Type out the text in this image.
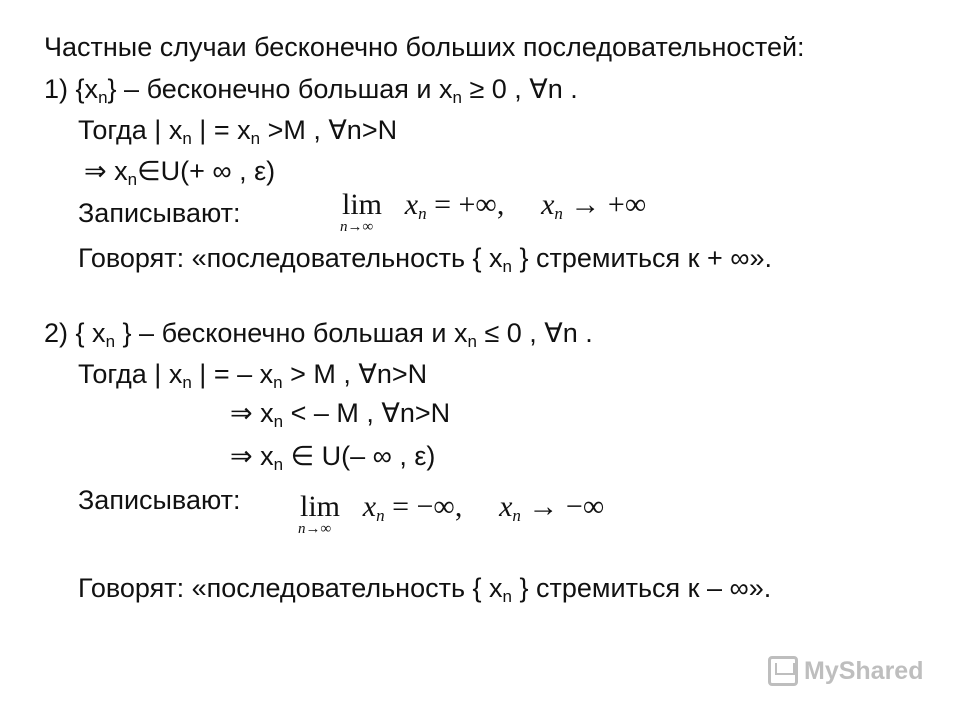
Частные случаи бесконечно больших последовательностей:
1) $\{x_n\}$ – бесконечно большая и $x_n \ge 0$ , ∀n .
Тогда | $x_n$ | = $x_n >M$ , ∀n>N
⇒ $x_n\in U(+$ ∞ , ε)
Записывают:	lim
n→∞
$x_n$ = +∞, $x_n$ → +∞
Говорят: «последовательность { $x_n$ } стремиться к + ∞».
2) { $x_n$ } – бесконечно большая и $x_n \le 0$ , ∀n .
Тогда | $x_n$ | = – $x_n > M$ , ∀n>N
⇒ $x_n$ < – M , ∀n>N
⇒ $x_n$ ∈ U(– ∞ , ε)
Записывают: lim
n→∞
$x_n$ = −∞, $x_n$ → −∞
Говорят: «последовательность { $x_n$ } стремиться к – ∞».
MyShared
